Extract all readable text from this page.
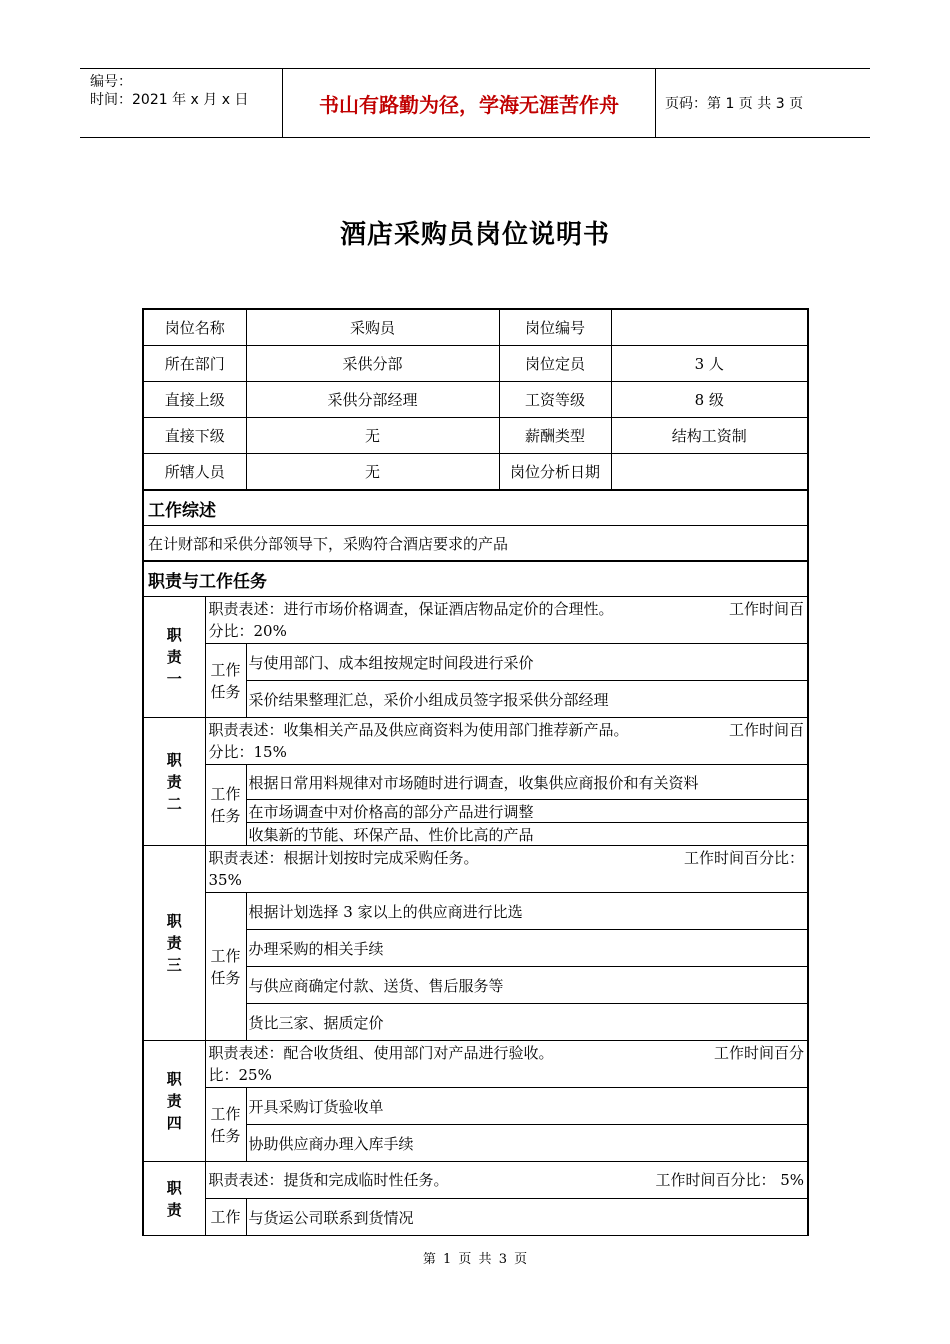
编号：
时间：2021 年 x 月 x 日	书山有路勤为径，学海无涯苦作舟	页码：第 1 页 共 3 页
酒店采购员岗位说明书
岗位名称		采购员	岗位编号	
所在部门		采供分部	岗位定员	3 人
直接上级		采供分部经理	工资等级	8 级
直接下级		无	薪酬类型	结构工资制
所辖人员		无	岗位分析日期	
工作综述				
在计财部和采供分部领导下，采购符合酒店要求的产品				
职责与工作任务				

职责一	职责表述：进行市场价格调查，保证酒店物品定价的合理性。 工作时间百
分比：20%			

	工作任务	与使用部门、成本组按规定时间段进行采价		
		采价结果整理汇总，采价小组成员签字报采供分部经理		

职责二	职责表述：收集相关产品及供应商资料为使用部门推荐新产品。 工作时间百
分比：15%			

	工作任务	根据日常用料规律对市场随时进行调查，收集供应商报价和有关资料		
		在市场调查中对价格高的部分产品进行调整		
		收集新的节能、环保产品、性价比高的产品		

职责三	职责表述：根据计划按时完成采购任务。 工作时间百分比：
35%			

	工作任务	根据计划选择 3 家以上的供应商进行比选		
		办理采购的相关手续		
		与供应商确定付款、送货、售后服务等		
		货比三家、据质定价		

职责四	职责表述：配合收货组、使用部门对产品进行验收。 工作时间百分
比：25%			

	工作任务	开具采购订货验收单		
		协助供应商办理入库手续		

职责	职责表述：提货和完成临时性任务。 工作时间百分比： 5%			

	工作	与货运公司联系到货情况		
第 1 页 共 3 页
